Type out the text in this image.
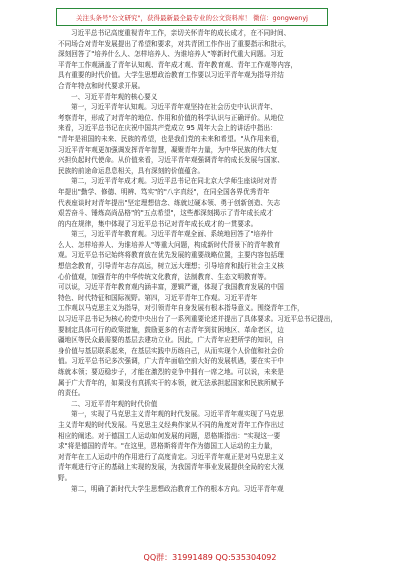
关注头条号"公文研究"，获得最新最全最专业的公文资料库！ 微信：gongwenyj
习近平总书记高度重视青年工作，亲切关怀青年的成长成才，在不同时间、
不同场合对青年发展提出了希望和要求，对共青团工作作出了重要指示和批示，
深刻回答了"培养什么人、怎样培养人、为谁培养人"等新时代重大问题。习近
平青年工作观涵盖了青年认知观、青年成才观、青年教育观、青年工作观等内容，
具有重要的时代价值。大学生思想政治教育工作要以习近平青年观为指导并结
合青年特点和时代要求开展。
一、习近平青年观的核心要义
第一，习近平青年认知观。习近平青年观坚持在社会历史中认识青年、
考察青年，形成了对青年的地位、作用和价值的科学认识与正确评价。从地位
来看，习近平总书记在庆祝中国共产党成立 95 周年大会上的讲话中指出：
"青年是祖国的未来、民族的希望，也是我们党的未来和希望。"从作用来看，
习近平青年观更加强调发挥青年智慧，凝聚青年力量，为中华民族的伟大复
兴担负起时代使命。从价值来看，习近平青年观强调青年的成长发展与国家、
民族的前途命运息息相关，具有深刻的价值蕴含。
第二，习近平青年成才观。习近平总书记在同北京大学师生座谈时对青
年提出"勤学、修德、明辨、笃实"的"八字真经"，在同全国各界优秀青年
代表座谈时对青年提出"坚定理想信念、练就过硬本领、勇于创新创造、矢志
艰苦奋斗、锤炼高尚品格"的"五点希望"，这些都深刻揭示了青年成长成才
的内在规律，集中体现了习近平总书记对青年成长成才的一贯要求。
第三，习近平青年教育观。习近平青年观全面、系统地回答了"培养什
么人、怎样培养人、为谁培养人"等重大问题，构成新时代背景下的青年教育
观。习近平总书记始终将教育放在优先发展的重要战略位置，主要内容包括理
想信念教育，引导青年志存高远，树立远大理想；引导培育和践行社会主义核
心价值观，加强青年的中华传统文化教育，法制教育、生态文明教育等。
可以说，习近平青年教育观内涵丰富，逻辑严谨，体现了我国教育发展的中国
特色、时代特征和国际视野。第四，习近平青年工作观。习近平青年
工作观以马克思主义为指导，对引领青年自身发展有根本指导意义。围绕青年工作，
以习近平总书记为核心的党中央出台了一系列重要论述并提出了具体要求。习近平总书记提出，
要制定具体可行的政策措施，鼓励更多的有志青年到贫困地区、革命老区，边
疆地区等民众最需要的基层去建功立业。因此，广大青年应把所学的知识，自
身价值与基层联系起来，在基层实践中历练自己，从而实现个人价值和社会价
值。习近平总书记多次强调，广大青年面临空前大好的发展机遇，要在实干中
练就本领；要迈稳步子，才能在激烈的竞争中拥有一席之地。可以说，未来是
属于广大青年的，如果没有真抓实干的本领，就无法承担起国家和民族所赋予
的责任。
二、习近平青年观的时代价值
第一，实现了马克思主义青年观的时代发展。习近平青年观实现了马克思
主义青年观的时代发展。马克思主义经典作家从不同的角度对青年工作作出过
相应的阐述。对于德国工人运动如何发展的问题，恩格斯指出："实现这一要
求"将是德国的青年。"在这里，恩格斯将青年作为德国工人运动的主力量，
对青年在工人运动中的作用进行了高度肯定。习近平青年观正是对马克思主义
青年观进行守正的基础上实现的发展，为我国青年事业发展提供全局的宏大视
野。
第二，明确了新时代大学生思想政治教育工作的根本方向。习近平青年观
QQ群：31991489 QQ:535304092
